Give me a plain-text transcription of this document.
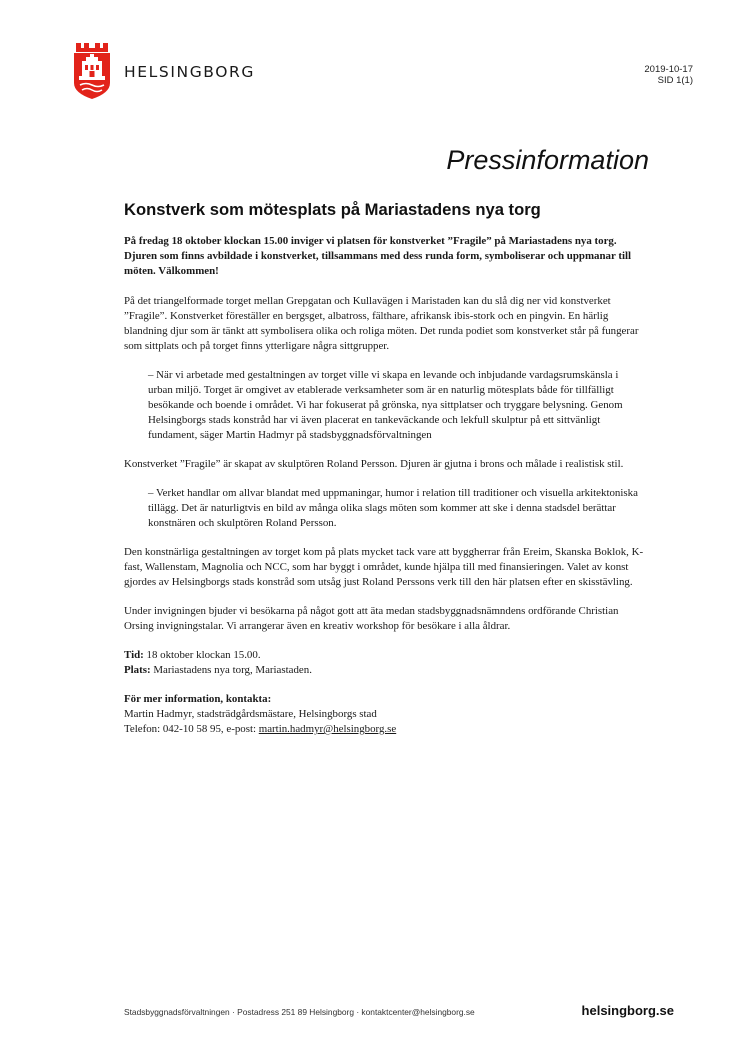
HELSINGBORG	2019-10-17
SID 1(1)
Pressinformation
Konstverk som mötesplats på Mariastadens nya torg

På fredag 18 oktober klockan 15.00 inviger vi platsen för konstverket ”Fragile” på Mariastadens nya torg. Djuren som finns avbildade i konstverket, tillsammans med dess runda form, symboliserar och uppmanar till möten. Välkommen!

På det triangelformade torget mellan Grepgatan och Kullavägen i Maristaden kan du slå dig ner vid konstverket ”Fragile”. Konstverket föreställer en bergsget, albatross, fälthare, afrikansk ibis-stork och en pingvin. En härlig blandning djur som är tänkt att symbolisera olika och roliga möten. Det runda podiet som konstverket står på fungerar som sittplats och på torget finns ytterligare några sittgrupper.

– När vi arbetade med gestaltningen av torget ville vi skapa en levande och inbjudande vardagsrumskänsla i urban miljö. Torget är omgivet av etablerade verksamheter som är en naturlig mötesplats både för tillfälligt besökande och boende i området. Vi har fokuserat på grönska, nya sittplatser och tryggare belysning. Genom Helsingborgs stads konstråd har vi även placerat en tankeväckande och lekfull skulptur på ett sittvänligt fundament, säger Martin Hadmyr på stadsbyggnadsförvaltningen

Konstverket ”Fragile” är skapat av skulptören Roland Persson. Djuren är gjutna i brons och målade i realistisk stil.

– Verket handlar om allvar blandat med uppmaningar, humor i relation till traditioner och visuella arkitektoniska tillägg. Det är naturligtvis en bild av många olika slags möten som kommer att ske i denna stadsdel berättar konstnären och skulptören Roland Persson.

Den konstnärliga gestaltningen av torget kom på plats mycket tack vare att byggherrar från Ereim, Skanska Boklok, K-fast, Wallenstam, Magnolia och NCC, som har byggt i området, kunde hjälpa till med finansieringen. Valet av konst gjordes av Helsingborgs stads konstråd som utsåg just Roland Perssons verk till den här platsen efter en skisstävling.

Under invigningen bjuder vi besökarna på något gott att äta medan stadsbyggnadsnämndens ordförande Christian Orsing invigningstalar. Vi arrangerar även en kreativ workshop för besökare i alla åldrar.

Tid: 18 oktober klockan 15.00.
Plats: Mariastadens nya torg, Mariastaden.

För mer information, kontakta:
Martin Hadmyr, stadsträdgårdsmästare, Helsingborgs stad
Telefon: 042-10 58 95, e-post: martin.hadmyr@helsingborg.se

Stadsbyggnadsförvaltningen · Postadress 251 89 Helsingborg · kontaktcenter@helsingborg.se	helsingborg.se
